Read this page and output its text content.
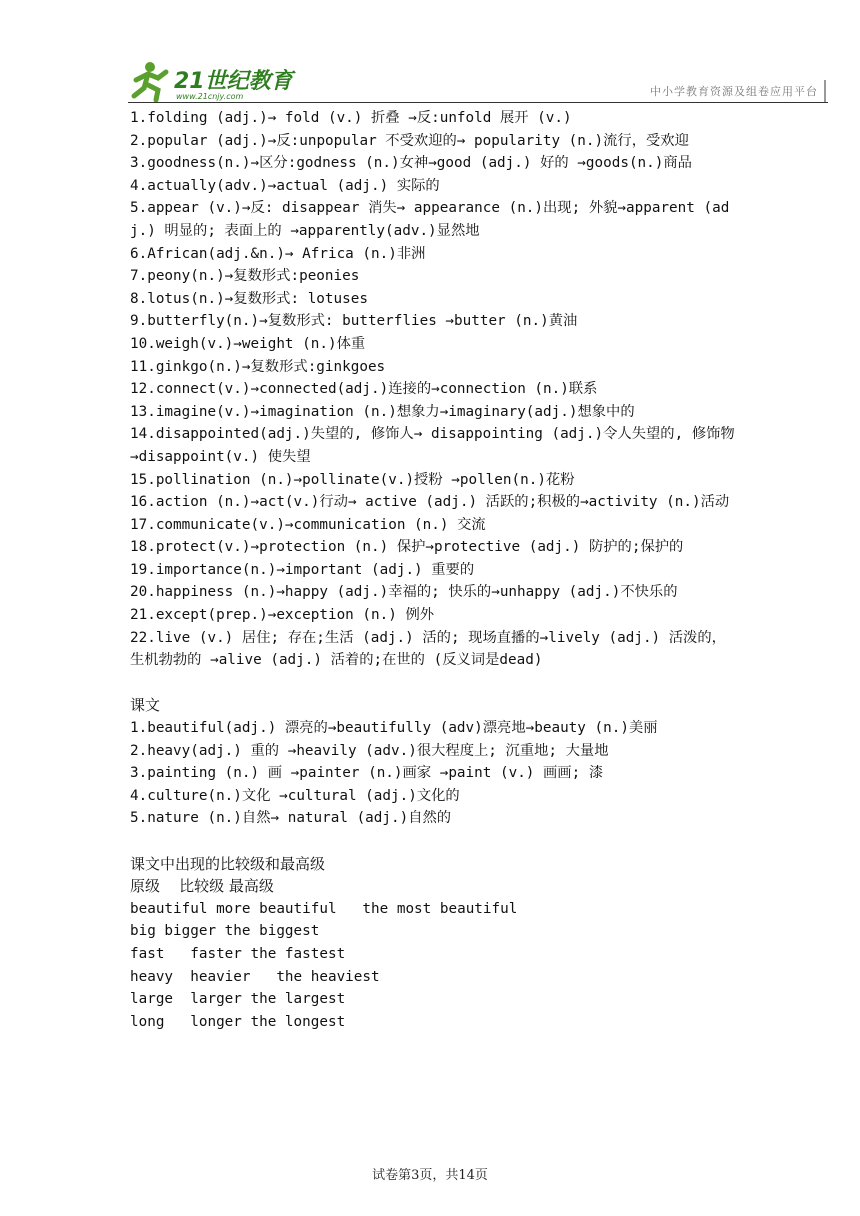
21世纪教育
www.21cnjy.com	中小学教育资源及组卷应用平台
1.folding (adj.)→ fold (v.) 折叠 →反:unfold 展开 (v.)
2.popular (adj.)→反:unpopular 不受欢迎的→ popularity (n.)流行，受欢迎
3.goodness(n.)→区分:godness (n.)女神→good (adj.) 好的 →goods(n.)商品
4.actually(adv.)→actual (adj.) 实际的
5.appear (v.)→反: disappear 消失→ appearance (n.)出现; 外貌→apparent (adj.) 明显的; 表面上的 →apparently(adv.)显然地
6.African(adj.&n.)→ Africa (n.)非洲
7.peony(n.)→复数形式:peonies
8.lotus(n.)→复数形式: lotuses
9.butterfly(n.)→复数形式: butterflies →butter (n.)黄油
10.weigh(v.)→weight (n.)体重
11.ginkgo(n.)→复数形式:ginkgoes
12.connect(v.)→connected(adj.)连接的→connection (n.)联系
13.imagine(v.)→imagination (n.)想象力→imaginary(adj.)想象中的
14.disappointed(adj.)失望的, 修饰人→ disappointing (adj.)令人失望的, 修饰物→disappoint(v.) 使失望
15.pollination (n.)→pollinate(v.)授粉 →pollen(n.)花粉
16.action (n.)→act(v.)行动→ active (adj.) 活跃的;积极的→activity (n.)活动
17.communicate(v.)→communication (n.) 交流
18.protect(v.)→protection (n.) 保护→protective (adj.) 防护的;保护的
19.importance(n.)→important (adj.) 重要的
20.happiness (n.)→happy (adj.)幸福的; 快乐的→unhappy (adj.)不快乐的
21.except(prep.)→exception (n.) 例外
22.live (v.) 居住; 存在;生活 (adj.) 活的; 现场直播的→lively (adj.) 活泼的，生机勃勃的 →alive (adj.) 活着的;在世的 (反义词是dead)
课文
1.beautiful(adj.) 漂亮的→beautifully (adv)漂亮地→beauty (n.)美丽
2.heavy(adj.) 重的 →heavily (adv.)很大程度上; 沉重地; 大量地
3.painting (n.) 画 →painter (n.)画家 →paint (v.) 画画; 漆
4.culture(n.)文化 →cultural (adj.)文化的
5.nature (n.)自然→ natural (adj.)自然的
课文中出现的比较级和最高级
原级    比较级 最高级
beautiful more beautiful   the most beautiful
big bigger the biggest
fast   faster the fastest
heavy  heavier   the heaviest
large  larger the largest
long   longer the longest
试卷第3页，共14页
